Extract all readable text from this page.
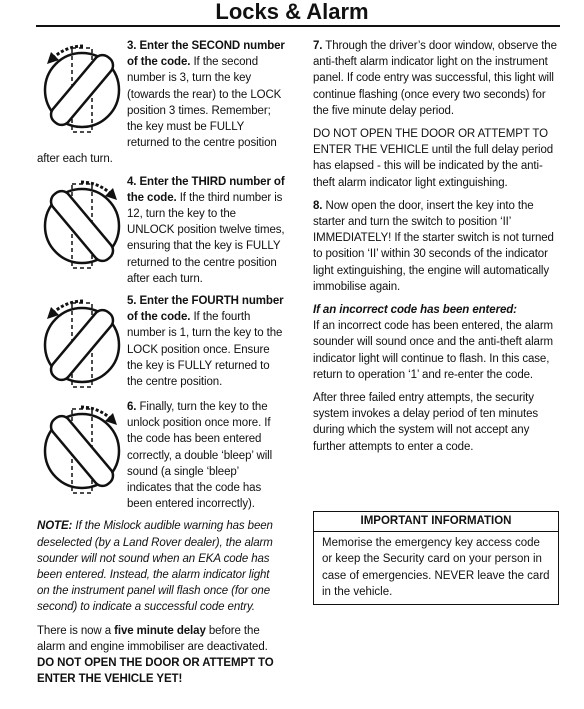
Locks & Alarm
3. Enter the SECOND number of the code. If the second number is 3, turn the key (towards the rear) to the LOCK position 3 times. Remember; the key must be FULLY returned to the centre position after each turn.
4. Enter the THIRD number of the code. If the third number is 12, turn the key to the UNLOCK position twelve times, ensuring that the key is FULLY returned to the centre position after each turn.
5. Enter the FOURTH number of the code. If the fourth number is 1, turn the key to the LOCK position once. Ensure the key is FULLY returned to the centre position.
6. Finally, turn the key to the unlock position once more. If the code has been entered correctly, a double ‘bleep’ will sound (a single ‘bleep’ indicates that the code has been entered incorrectly).

NOTE: If the Mislock audible warning has been deselected (by a Land Rover dealer), the alarm sounder will not sound when an EKA code has been entered. Instead, the alarm indicator light on the instrument panel will flash once (for one second) to indicate a successful code entry.

There is now a five minute delay before the alarm and engine immobiliser are deactivated.
DO NOT OPEN THE DOOR OR ATTEMPT TO ENTER THE VEHICLE YET!

7. Through the driver’s door window, observe the anti-theft alarm indicator light on the instrument panel. If code entry was successful, this light will continue flashing (once every two seconds) for the five minute delay period.

DO NOT OPEN THE DOOR OR ATTEMPT TO ENTER THE VEHICLE until the full delay period has elapsed - this will be indicated by the anti-theft alarm indicator light extinguishing.

8. Now open the door, insert the key into the starter and turn the switch to position ‘II’ IMMEDIATELY! If the starter switch is not turned to position ‘II’ within 30 seconds of the indicator light extinguishing, the engine will automatically immobilise again.

If an incorrect code has been entered:
If an incorrect code has been entered, the alarm sounder will sound once and the anti-theft alarm indicator light will continue to flash. In this case, return to operation ‘1’ and re-enter the code.

After three failed entry attempts, the security system invokes a delay period of ten minutes during which the system will not accept any further attempts to enter a code.

IMPORTANT INFORMATION
Memorise the emergency key access code or keep the Security card on your person in case of emergencies. NEVER leave the card in the vehicle.
